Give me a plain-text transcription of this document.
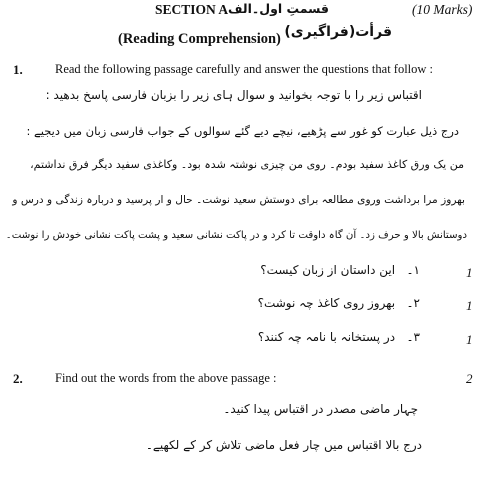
SECTION A قسمتِ اول۔الف	(10 Marks)
قرأت(فراگیری)
(Reading Comprehension)
1.	Read the following passage carefully and answer the questions that follow :
اقتباس زیر را با توجہ بخوانید و سوال ہای زیر را بزبان فارسی پاسخ بدھید :
درج ذیل عبارت کو غور سے پڑھیے، نیچے دیے گئے سوالوں کے جواب فارسی زبان میں دیجیے :
من یک ورق کاغذ سفید بودم۔ روی من چیزی نوشتہ شدہ بود۔ وکاغذی سفید دیگر فرق نداشتم،
بھروز مرا برداشت وروی مطالعہ برای دوستش سعید نوشت۔ حال و ار پرسید و دربارہ زندگی و درس و
دوستانش بالا و حرف زد۔ آن گاہ داوقت تا کرد و در پاکت نشانی سعید و پشت پاکت نشانی خودش را نوشت۔
۱۔   این داستان از زبان کیست؟	1
۲۔   بھروز روی کاغذ چہ نوشت؟	1
۳۔   در پستخانہ با نامہ چہ کنند؟	1
2.	Find out the words from the above passage :	2
چہار ماضی مصدر در اقتباس پیدا کنید۔
درج بالا اقتباس میں چار فعل ماضی تلاش کر کے لکھیے۔
